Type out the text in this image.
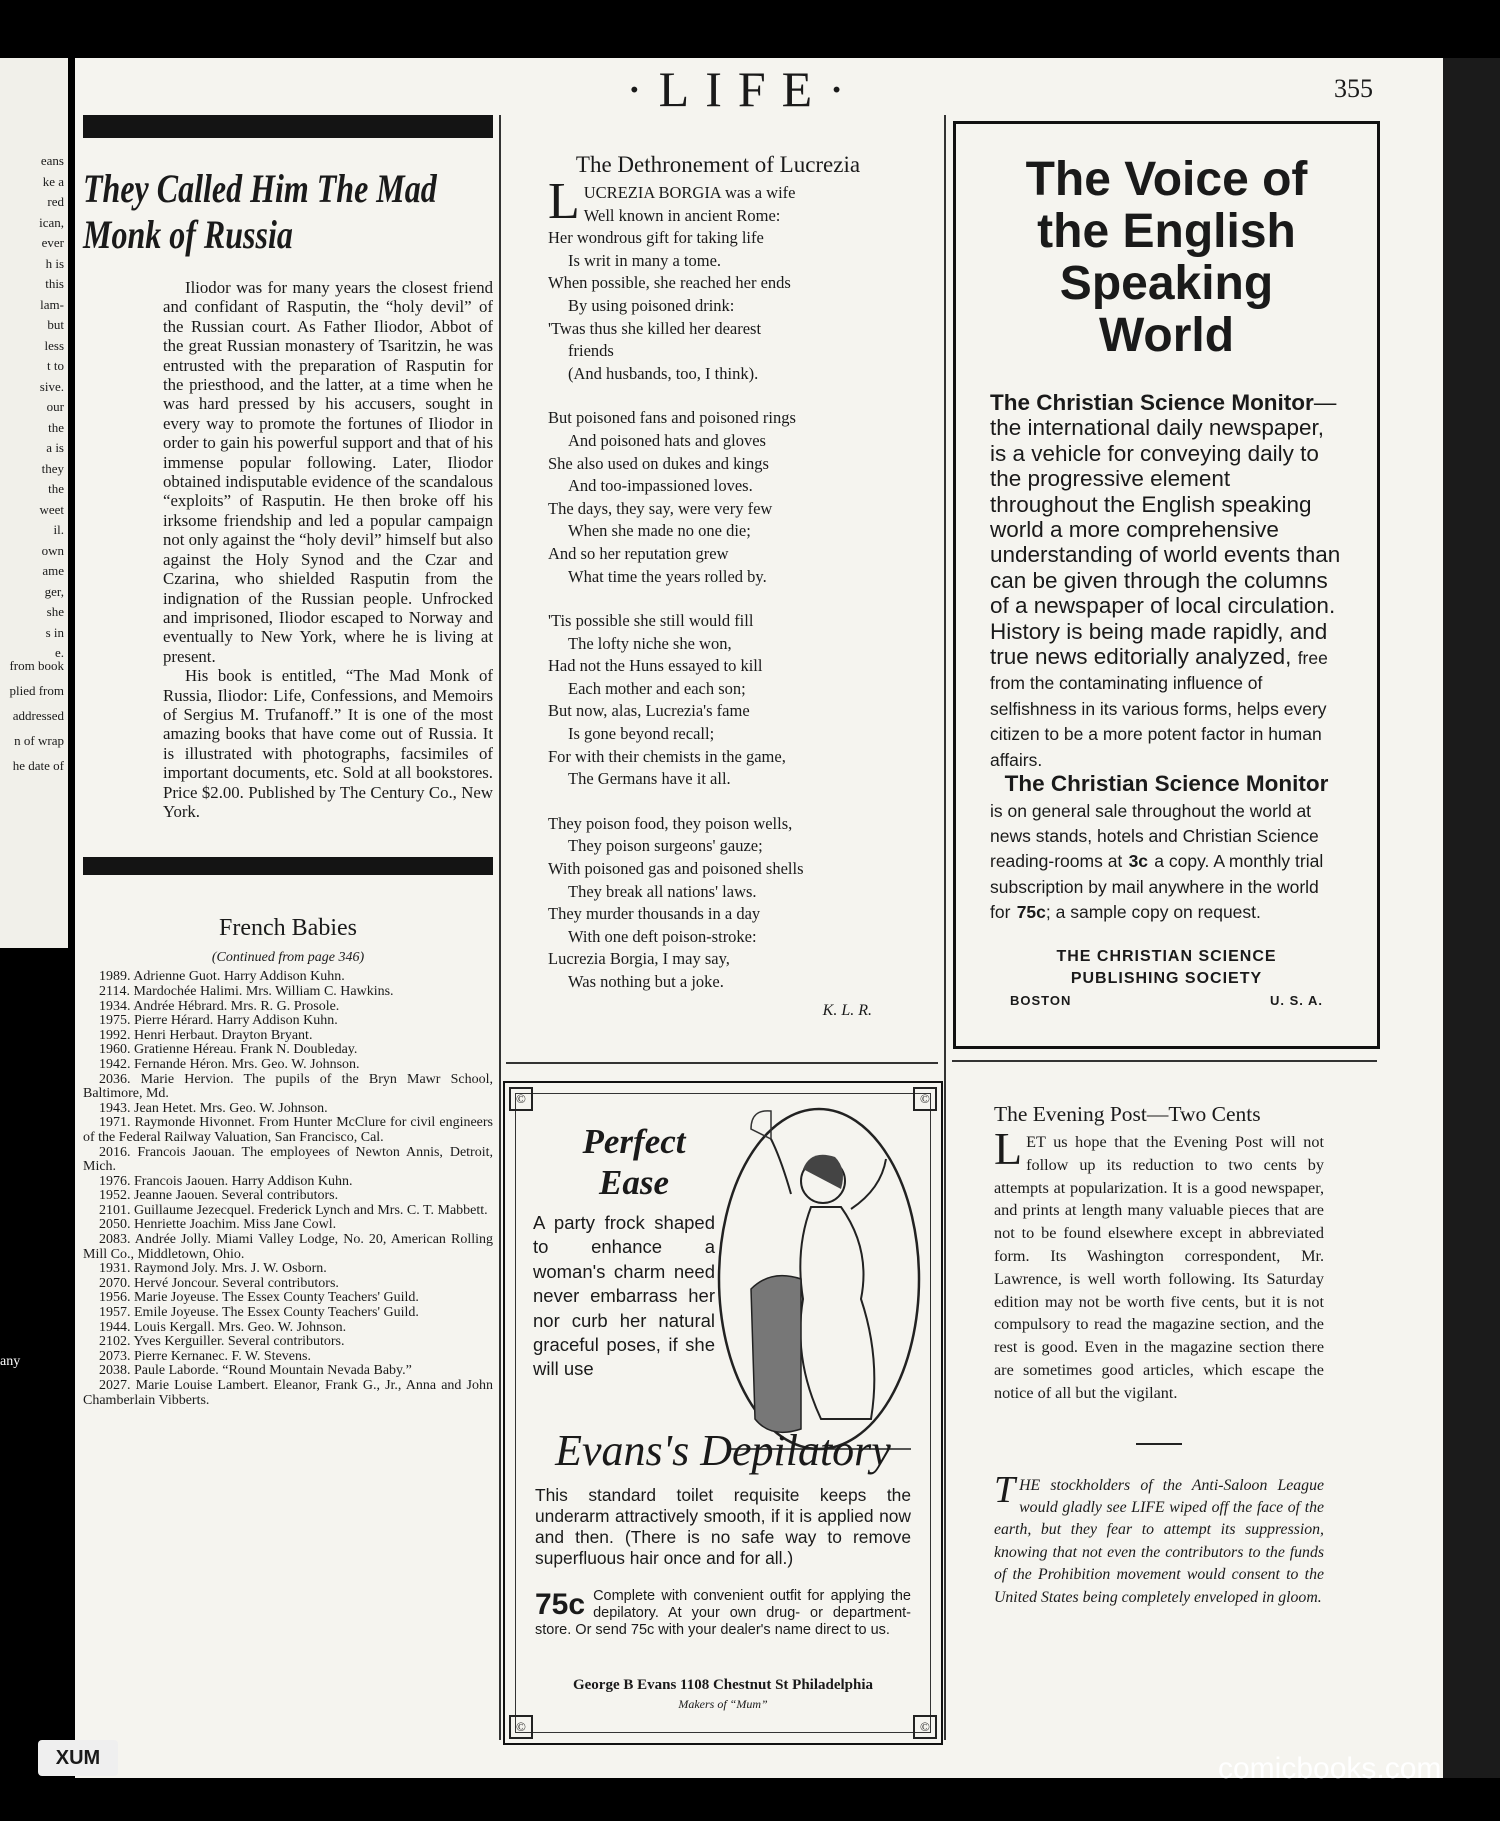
eans
ke a
red
ican,
ever
h is
this
lam-
but
less
t to
sive.
our
the
a is
they
the
weet
il.
own
ame
ger,
she
s in
e.
from book
plied from
addressed
n of wrap
he date of
·LIFE·	355
They Called Him The Mad Monk of Russia

Iliodor was for many years the closest friend and confidant of Rasputin, the “holy devil” of the Russian court. As Father Iliodor, Abbot of the great Russian monastery of Tsaritzin, he was entrusted with the preparation of Rasputin for the priesthood, and the latter, at a time when he was hard pressed by his accusers, sought in every way to promote the fortunes of Iliodor in order to gain his powerful support and that of his immense popular following. Later, Iliodor obtained indisputable evidence of the scandalous “exploits” of Rasputin. He then broke off his irksome friendship and led a popular campaign not only against the “holy devil” himself but also against the Holy Synod and the Czar and Czarina, who shielded Rasputin from the indignation of the Russian people. Unfrocked and imprisoned, Iliodor escaped to Norway and eventually to New York, where he is living at present.

His book is entitled, “The Mad Monk of Russia, Iliodor: Life, Confessions, and Memoirs of Sergius M. Trufanoff.” It is one of the most amazing books that have come out of Russia. It is illustrated with photographs, facsimiles of important documents, etc. Sold at all bookstores. Price $2.00. Published by The Century Co., New York.

French Babies
(Continued from page 346)
1989. Adrienne Guot. Harry Addison Kuhn.
2114. Mardochée Halimi. Mrs. William C. Hawkins.
1934. Andrée Hébrard. Mrs. R. G. Prosole.
1975. Pierre Hérard. Harry Addison Kuhn.
1992. Henri Herbaut. Drayton Bryant.
1960. Gratienne Héreau. Frank N. Doubleday.
1942. Fernande Héron. Mrs. Geo. W. Johnson.
2036. Marie Hervion. The pupils of the Bryn Mawr School, Baltimore, Md.
1943. Jean Hetet. Mrs. Geo. W. Johnson.
1971. Raymonde Hivonnet. From Hunter McClure for civil engineers of the Federal Railway Valuation, San Francisco, Cal.
2016. Francois Jaouan. The employees of Newton Annis, Detroit, Mich.
1976. Francois Jaouen. Harry Addison Kuhn.
1952. Jeanne Jaouen. Several contributors.
2101. Guillaume Jezecquel. Frederick Lynch and Mrs. C. T. Mabbett.
2050. Henriette Joachim. Miss Jane Cowl.
2083. Andrée Jolly. Miami Valley Lodge, No. 20, American Rolling Mill Co., Middletown, Ohio.
1931. Raymond Joly. Mrs. J. W. Osborn.
2070. Hervé Joncour. Several contributors.
1956. Marie Joyeuse. The Essex County Teachers' Guild.
1957. Emile Joyeuse. The Essex County Teachers' Guild.
1944. Louis Kergall. Mrs. Geo. W. Johnson.
2102. Yves Kerguiller. Several contributors.
2073. Pierre Kernanec. F. W. Stevens.
2038. Paule Laborde. “Round Mountain Nevada Baby.”
2027. Marie Louise Lambert. Eleanor, Frank G., Jr., Anna and John Chamberlain Vibberts.
The Dethronement of Lucrezia
L UCREZIA BORGIA was a wife
Well known in ancient Rome:
Her wondrous gift for taking life
Is writ in many a tome.
When possible, she reached her ends
By using poisoned drink:
'Twas thus she killed her dearest
friends
(And husbands, too, I think).
But poisoned fans and poisoned rings
And poisoned hats and gloves
She also used on dukes and kings
And too-impassioned loves.
The days, they say, were very few
When she made no one die;
And so her reputation grew
What time the years rolled by.
'Tis possible she still would fill
The lofty niche she won,
Had not the Huns essayed to kill
Each mother and each son;
But now, alas, Lucrezia's fame
Is gone beyond recall;
For with their chemists in the game,
The Germans have it all.
They poison food, they poison wells,
They poison surgeons' gauze;
With poisoned gas and poisoned shells
They break all nations' laws.
They murder thousands in a day
With one deft poison-stroke:
Lucrezia Borgia, I may say,
Was nothing but a joke.
K. L. R.
©	©
©	©
Perfect Ease
A party frock shaped to enhance a woman's charm need never embarrass her nor curb her natural graceful poses, if she will use
Evans's Depilatory
This standard toilet requisite keeps the underarm attractively smooth, if it is applied now and then. (There is no safe way to remove superfluous hair once and for all.)
75c Complete with convenient outfit for applying the depilatory. At your own drug- or department-store. Or send 75c with your dealer's name direct to us.
George B Evans 1108 Chestnut St Philadelphia
Makers of “Mum”
The Voice of the English Speaking World
The Christian Science Monitor—the international daily newspaper, is a vehicle for conveying daily to the progressive element throughout the English speaking world a more comprehensive understanding of world events than can be given through the columns of a newspaper of local circulation. History is being made rapidly, and true news editorially analyzed, free from the contaminating influence of selfishness in its various forms, helps every citizen to be a more potent factor in human affairs.
The Christian Science Monitor
is on general sale throughout the world at news stands, hotels and Christian Science reading-rooms at 3c a copy. A monthly trial subscription by mail anywhere in the world for 75c; a sample copy on request.
THE CHRISTIAN SCIENCE
PUBLISHING SOCIETY
BOSTON	U. S. A.
The Evening Post—Two Cents
LET us hope that the Evening Post will not follow up its reduction to two cents by attempts at popularization. It is a good newspaper, and prints at length many valuable pieces that are not to be found elsewhere except in abbreviated form. Its Washington correspondent, Mr. Lawrence, is well worth following. Its Saturday edition may not be worth five cents, but it is not compulsory to read the magazine section, and the rest is good. Even in the magazine section there are sometimes good articles, which escape the notice of all but the vigilant.
THE stockholders of the Anti-Saloon League would gladly see LIFE wiped off the face of the earth, but they fear to attempt its suppression, knowing that not even the contributors to the funds of the Prohibition movement would consent to the United States being completely enveloped in gloom.
XUM	comicbooks.com
any
